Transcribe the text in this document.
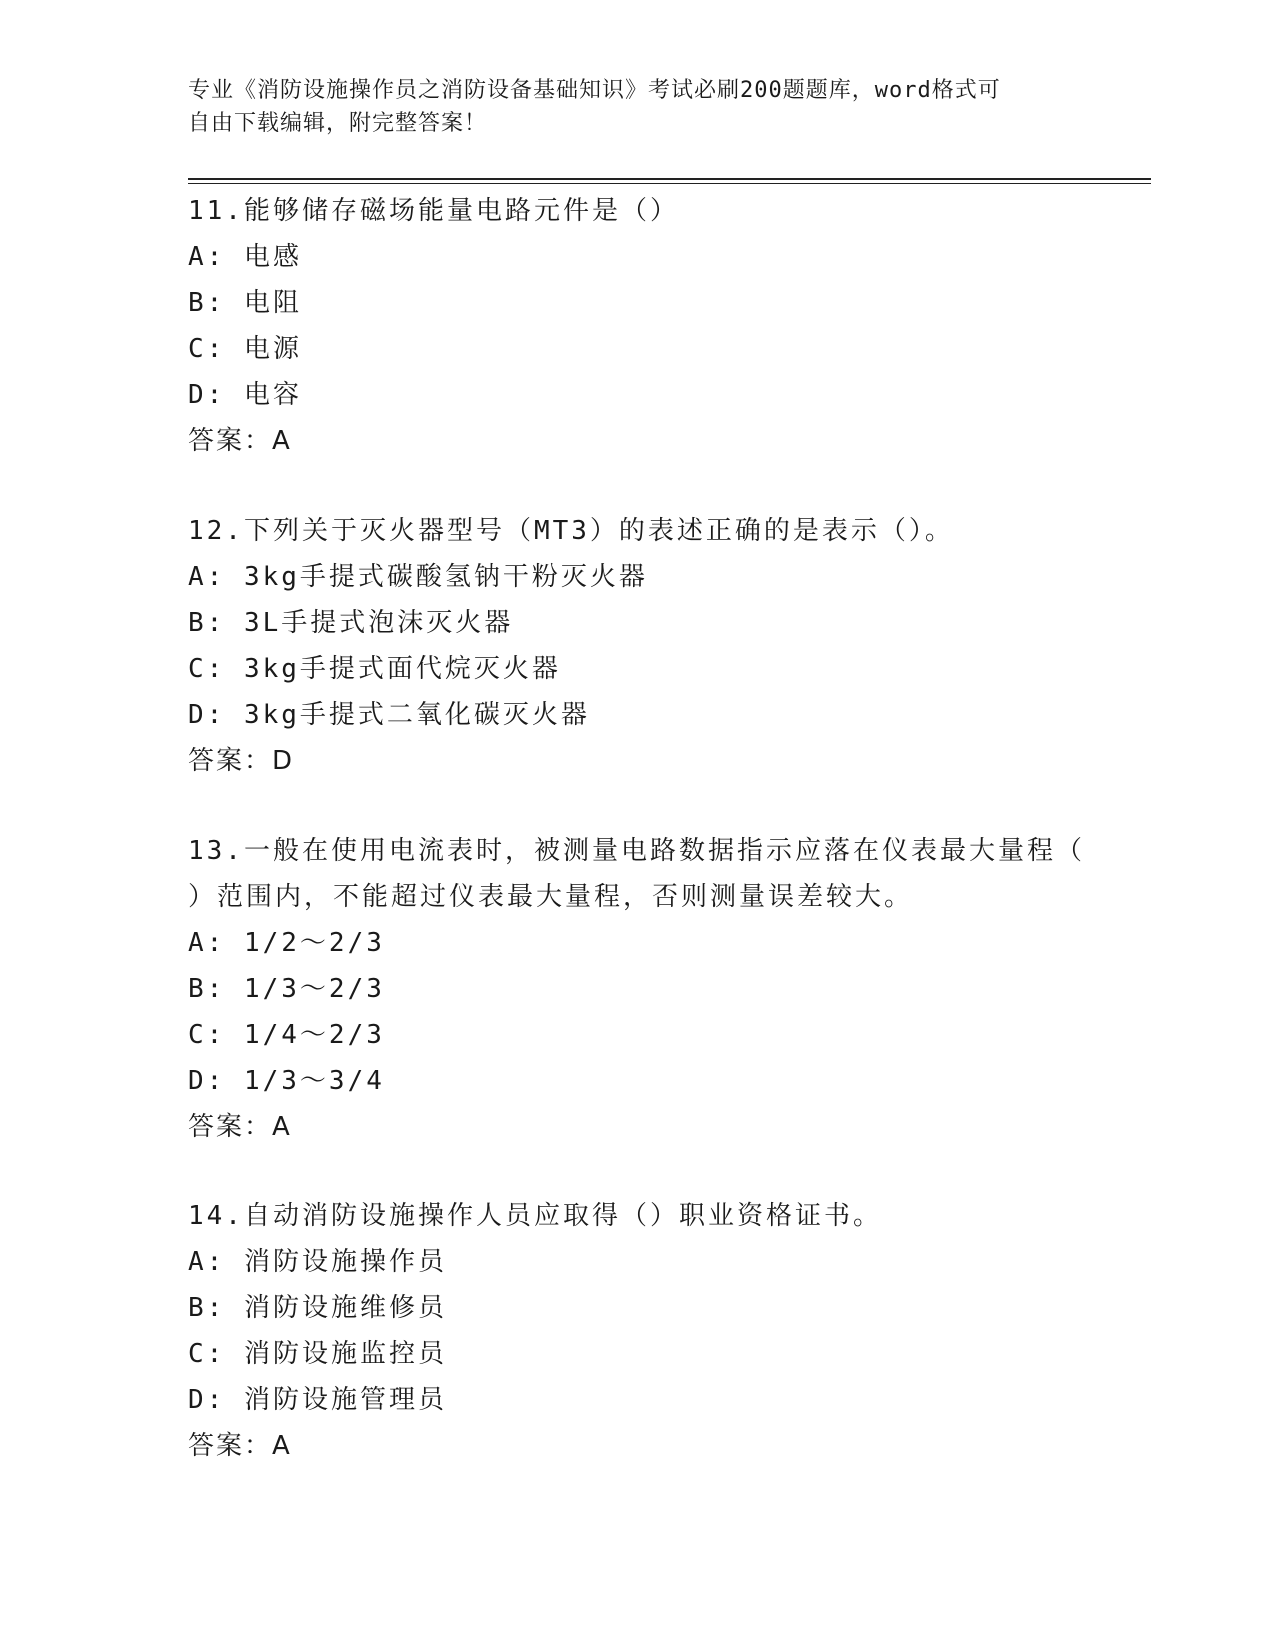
专业《消防设施操作员之消防设备基础知识》考试必刷200题题库，word格式可
自由下载编辑，附完整答案！
11.能够储存磁场能量电路元件是（）
A: 电感
B: 电阻
C: 电源
D: 电容
答案：A
12.下列关于灭火器型号（MT3）的表述正确的是表示（）。
A: 3kg手提式碳酸氢钠干粉灭火器
B: 3L手提式泡沫灭火器
C: 3kg手提式面代烷灭火器
D: 3kg手提式二氧化碳灭火器
答案：D
13.一般在使用电流表时，被测量电路数据指示应落在仪表最大量程（
）范围内，不能超过仪表最大量程，否则测量误差较大。
A: 1/2～2/3
B: 1/3～2/3
C: 1/4～2/3
D: 1/3～3/4
答案：A
14.自动消防设施操作人员应取得（）职业资格证书。
A: 消防设施操作员
B: 消防设施维修员
C: 消防设施监控员
D: 消防设施管理员
答案：A
